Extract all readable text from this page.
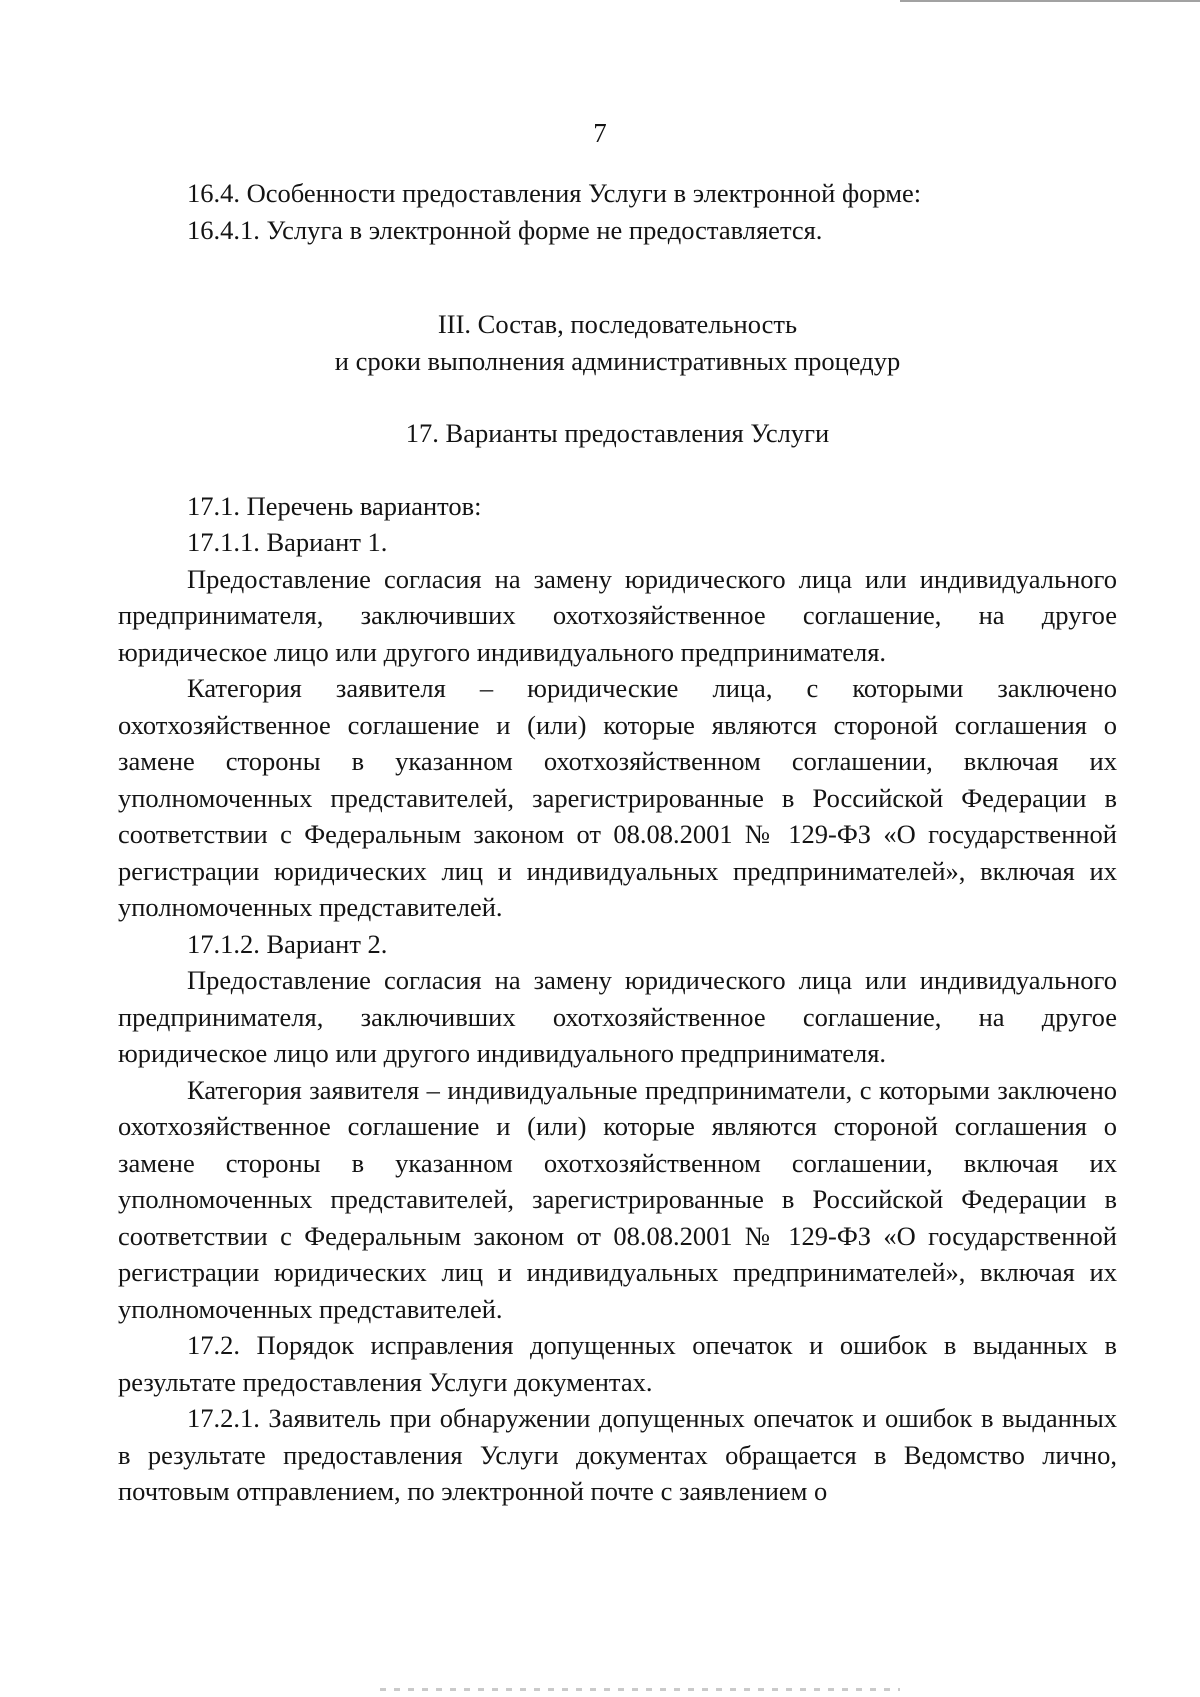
7

16.4. Особенности предоставления Услуги в электронной форме:

16.4.1. Услуга в электронной форме не предоставляется.

III. Состав, последовательность

и сроки выполнения административных процедур

17. Варианты предоставления Услуги

17.1. Перечень вариантов:

17.1.1. Вариант 1.

Предоставление согласия на замену юридического лица или индивидуального предпринимателя, заключивших охотхозяйственное соглашение, на другое юридическое лицо или другого индивидуального предпринимателя.

Категория заявителя – юридические лица, с которыми заключено охотхозяйственное соглашение и (или) которые являются стороной соглашения о замене стороны в указанном охотхозяйственном соглашении, включая их уполномоченных представителей, зарегистрированные в Российской Федерации в соответствии с Федеральным законом от 08.08.2001 № 129-ФЗ «О государственной регистрации юридических лиц и индивидуальных предпринимателей», включая их уполномоченных представителей.

17.1.2. Вариант 2.

Предоставление согласия на замену юридического лица или индивидуального предпринимателя, заключивших охотхозяйственное соглашение, на другое юридическое лицо или другого индивидуального предпринимателя.

Категория заявителя – индивидуальные предприниматели, с которыми заключено охотхозяйственное соглашение и (или) которые являются стороной соглашения о замене стороны в указанном охотхозяйственном соглашении, включая их уполномоченных представителей, зарегистрированные в Российской Федерации в соответствии с Федеральным законом от 08.08.2001 № 129-ФЗ «О государственной регистрации юридических лиц и индивидуальных предпринимателей», включая их уполномоченных представителей.

17.2. Порядок исправления допущенных опечаток и ошибок в выданных в результате предоставления Услуги документах.

17.2.1. Заявитель при обнаружении допущенных опечаток и ошибок в выданных в результате предоставления Услуги документах обращается в Ведомство лично, почтовым отправлением, по электронной почте с заявлением о
